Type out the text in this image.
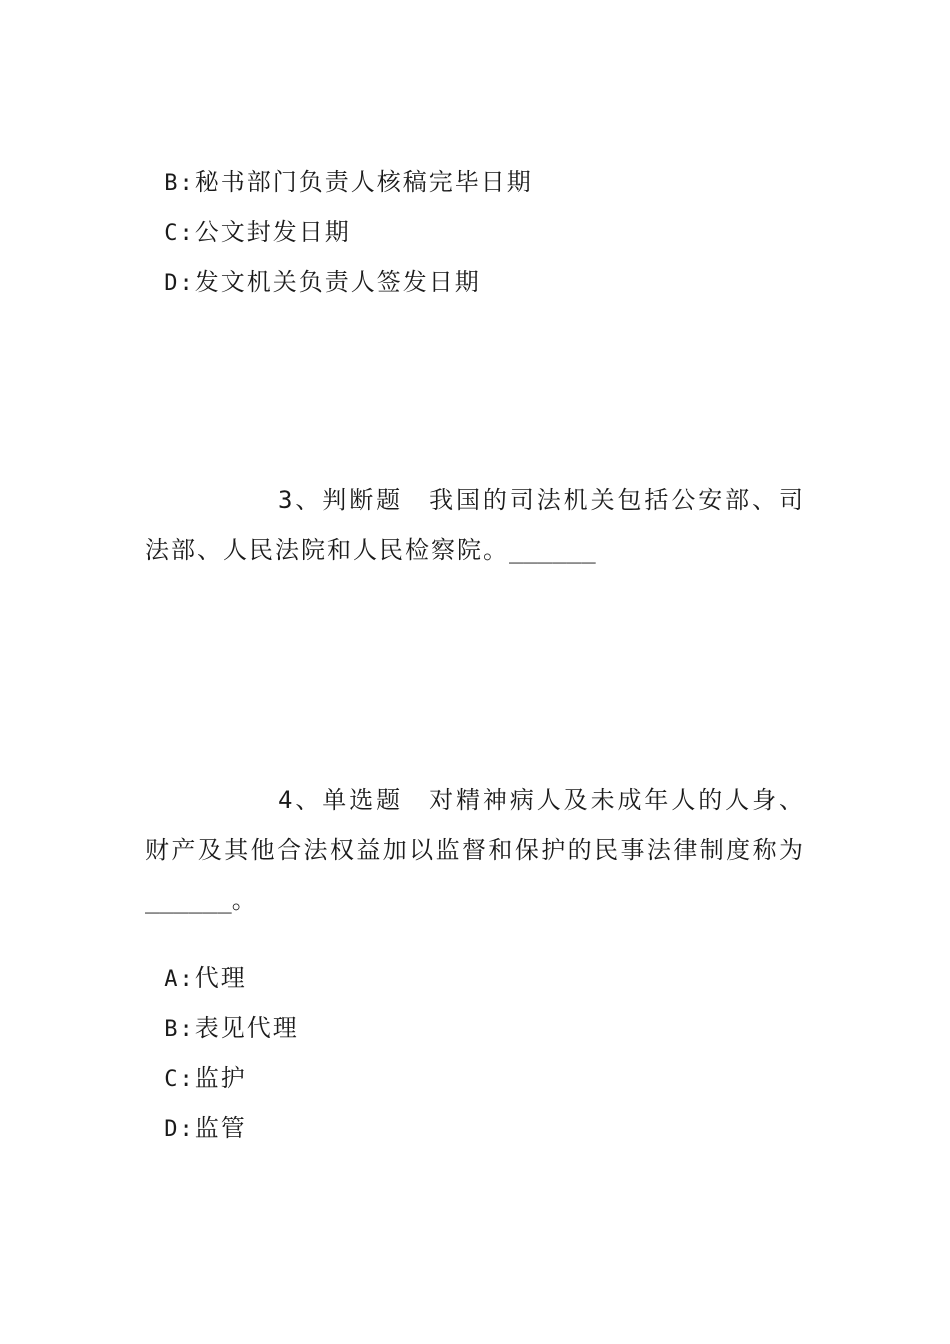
B:秘书部门负责人核稿完毕日期

C:公文封发日期

D:发文机关负责人签发日期

3、判断题 我国的司法机关包括公安部、司法部、人民法院和人民检察院。______
4、单选题 对精神病人及未成年人的人身、财产及其他合法权益加以监督和保护的民事法律制度称为______。

A:代理

B:表见代理

C:监护

D:监管
